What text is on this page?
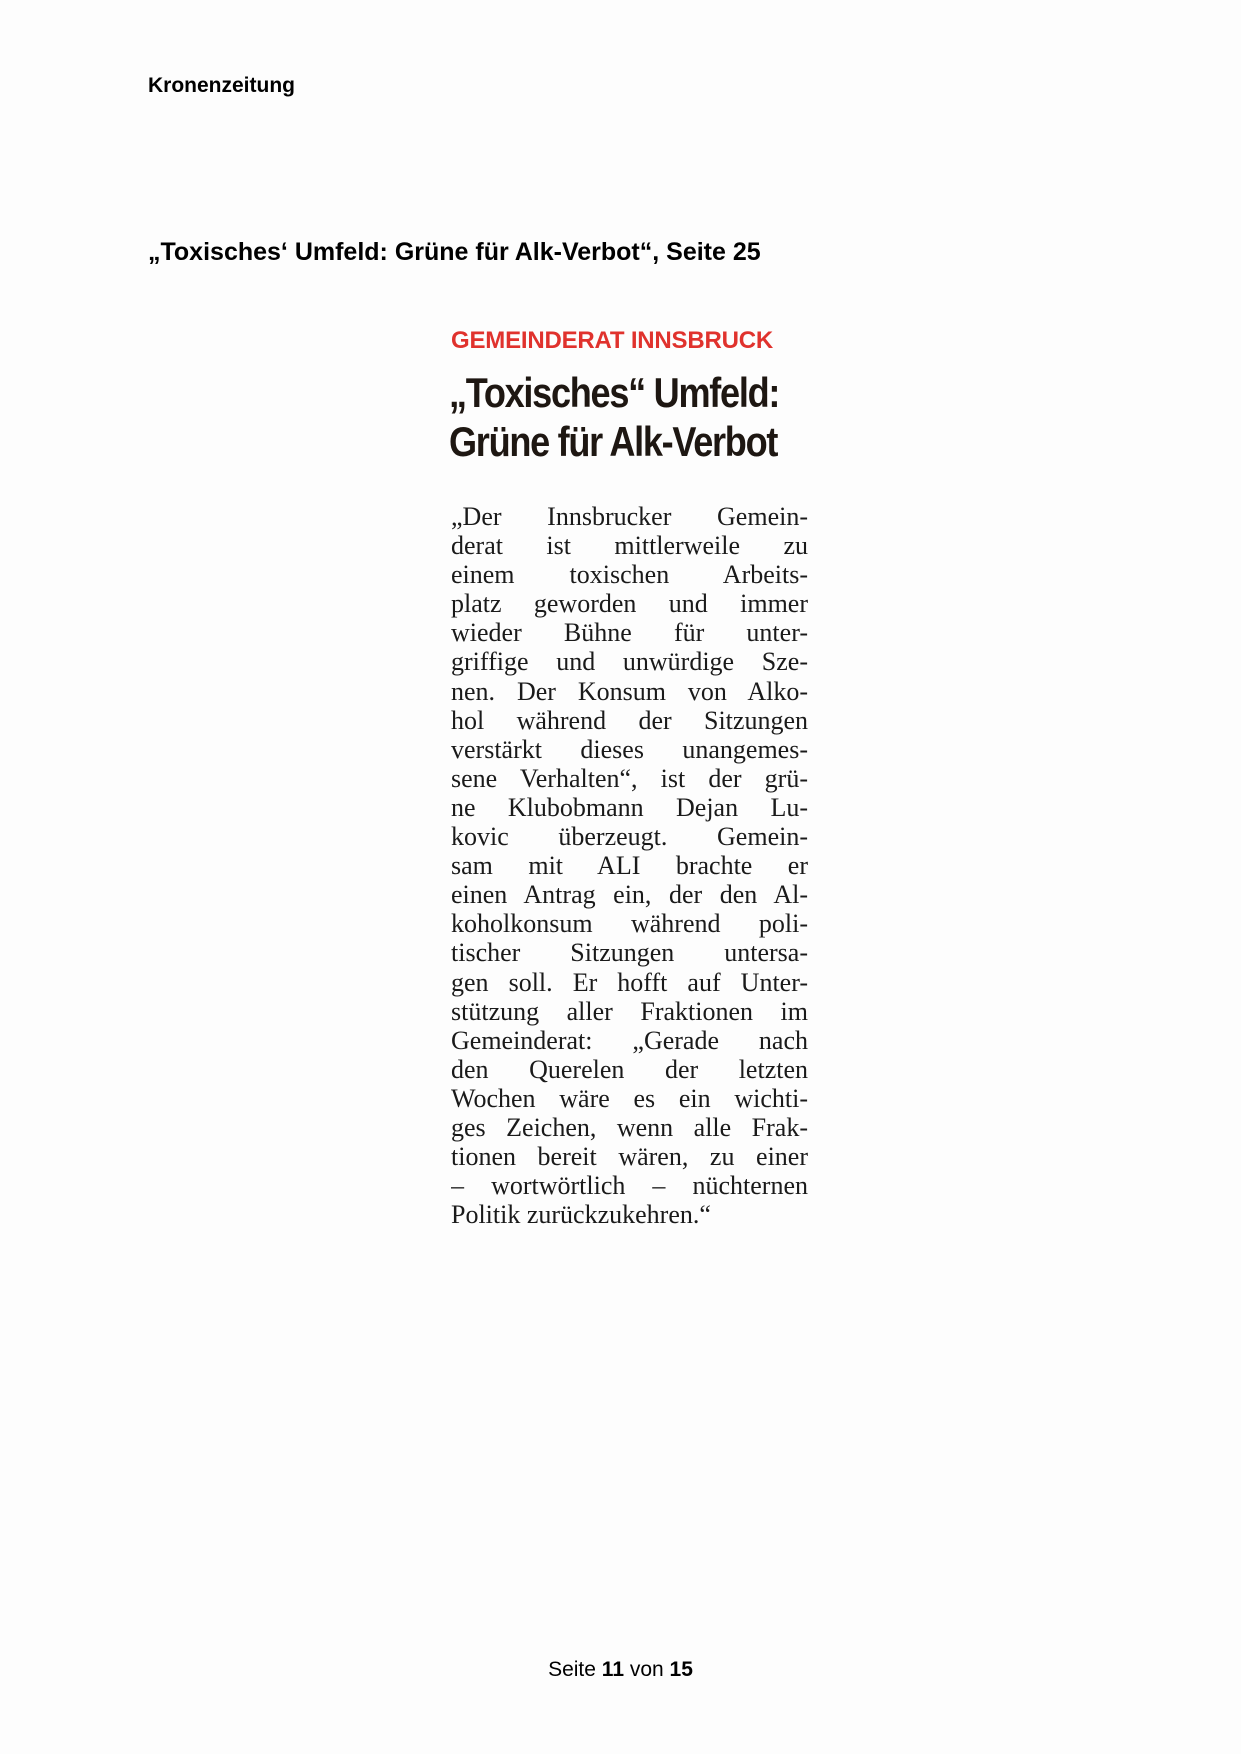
Kronenzeitung
„Toxisches‘ Umfeld: Grüne für Alk-Verbot“, Seite 25
GEMEINDERAT INNSBRUCK
„Toxisches“ Umfeld:
Grüne für Alk-Verbot
„Der Innsbrucker Gemein-
derat ist mittlerweile zu
einem toxischen Arbeits-
platz geworden und immer
wieder Bühne für unter-
griffige und unwürdige Sze-
nen. Der Konsum von Alko-
hol während der Sitzungen
verstärkt dieses unangemes-
sene Verhalten“, ist der grü-
ne Klubobmann Dejan Lu-
kovic überzeugt. Gemein-
sam mit ALI brachte er
einen Antrag ein, der den Al-
koholkonsum während poli-
tischer Sitzungen untersa-
gen soll. Er hofft auf Unter-
stützung aller Fraktionen im
Gemeinderat: „Gerade nach
den Querelen der letzten
Wochen wäre es ein wichti-
ges Zeichen, wenn alle Frak-
tionen bereit wären, zu einer
– wortwörtlich – nüchternen
Politik zurückzukehren.“
Seite 11 von 15
